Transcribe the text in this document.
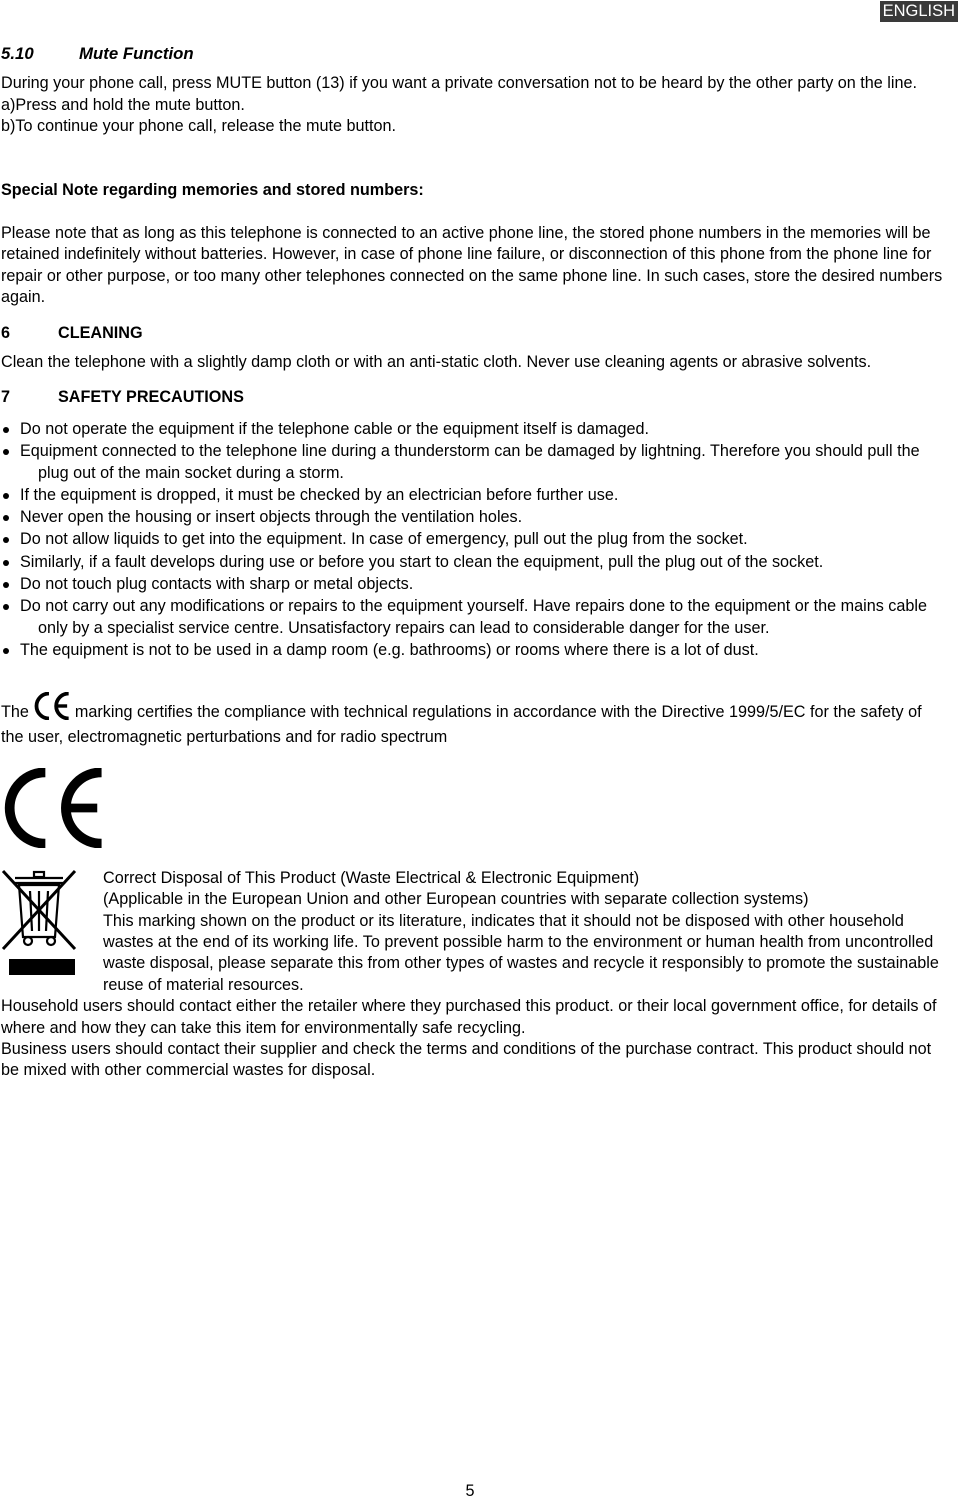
ENGLISH

5.10	Mute Function

During your phone call, press MUTE button (13) if you want a private conversation not to be heard by the other party on the line.

a)Press and hold the mute button.

b)To continue your phone call, release the mute button.

Special Note regarding memories and stored numbers:

Please note that as long as this telephone is connected to an active phone line, the stored phone numbers in the memories will be retained indefinitely without batteries. However, in case of phone line failure, or disconnection of this phone from the phone line for repair or other purpose, or too many other telephones connected on the same phone line. In such cases, store the desired numbers again.

6	CLEANING

Clean the telephone with a slightly damp cloth or with an anti-static cloth. Never use cleaning agents or abrasive solvents.

7	SAFETY PRECAUTIONS

Do not operate the equipment if the telephone cable or the equipment itself is damaged.
Equipment connected to the telephone line during a thunderstorm can be damaged by lightning. Therefore you should pull the plug out of the main socket during a storm.
If the equipment is dropped, it must be checked by an electrician before further use.
Never open the housing or insert objects through the ventilation holes.
Do not allow liquids to get into the equipment. In case of emergency, pull out the plug from the socket.
Similarly, if a fault develops during use or before you start to clean the equipment, pull the plug out of the socket.
Do not touch plug contacts with sharp or metal objects.
Do not carry out any modifications or repairs to the equipment yourself. Have repairs done to the equipment or the mains cable only by a specialist service centre. Unsatisfactory repairs can lead to considerable danger for the user.
The equipment is not to be used in a damp room (e.g. bathrooms) or rooms where there is a lot of dust.

The	marking certifies the compliance with technical regulations in accordance with the Directive 1999/5/EC for the safety of the user, electromagnetic perturbations and for radio spectrum

Correct Disposal of This Product (Waste Electrical & Electronic Equipment)

(Applicable in the European Union and other European countries with separate collection systems)

This marking shown on the product or its literature, indicates that it should not be disposed with other household wastes at the end of its working life. To prevent possible harm to the environment or human health from uncontrolled waste disposal, please separate this from other types of wastes and recycle it responsibly to promote the sustainable reuse of material resources.

Household users should contact either the retailer where they purchased this product. or their local government office, for details of where and how they can take this item for environmentally safe recycling.

Business users should contact their supplier and check the terms and conditions of the purchase contract. This product should not be mixed with other commercial wastes for disposal.

5
